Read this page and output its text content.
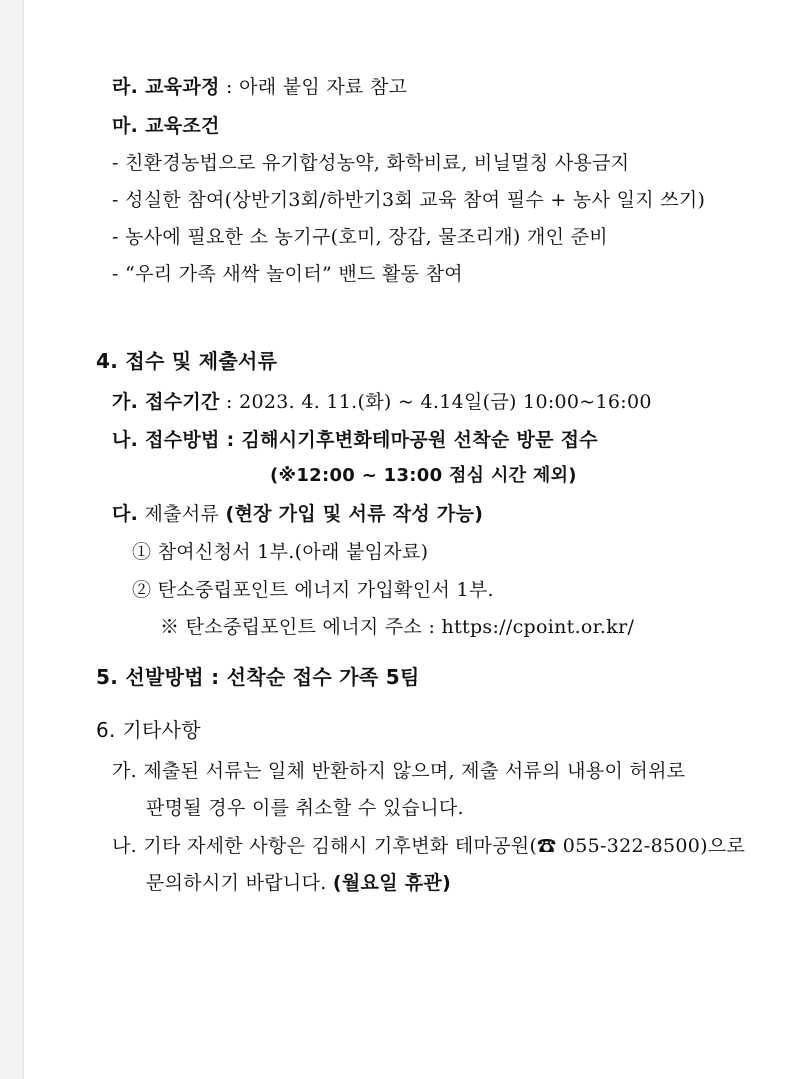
라. 교육과정 : 아래 붙임 자료 참고
마. 교육조건
- 친환경농법으로 유기합성농약, 화학비료, 비닐멀칭 사용금지
- 성실한 참여(상반기3회/하반기3회 교육 참여 필수 + 농사 일지 쓰기)
- 농사에 필요한 소 농기구(호미, 장갑, 물조리개) 개인 준비
- “우리 가족 새싹 놀이터” 밴드 활동 참여
4. 접수 및 제출서류
가. 접수기간 : 2023. 4. 11.(화) ~ 4.14일(금) 10:00~16:00
나. 접수방법 : 김해시기후변화테마공원 선착순 방문 접수
(※12:00 ~ 13:00 점심 시간 제외)
다. 제출서류 (현장 가입 및 서류 작성 가능)
① 참여신청서 1부.(아래 붙임자료)
② 탄소중립포인트 에너지 가입확인서 1부.
※ 탄소중립포인트 에너지 주소 : https://cpoint.or.kr/
5. 선발방법 : 선착순 접수 가족 5팀
6. 기타사항
가. 제출된 서류는 일체 반환하지 않으며, 제출 서류의 내용이 허위로
판명될 경우 이를 취소할 수 있습니다.
나. 기타 자세한 사항은 김해시 기후변화 테마공원(☎ 055-322-8500)으로
문의하시기 바랍니다. (월요일 휴관)
